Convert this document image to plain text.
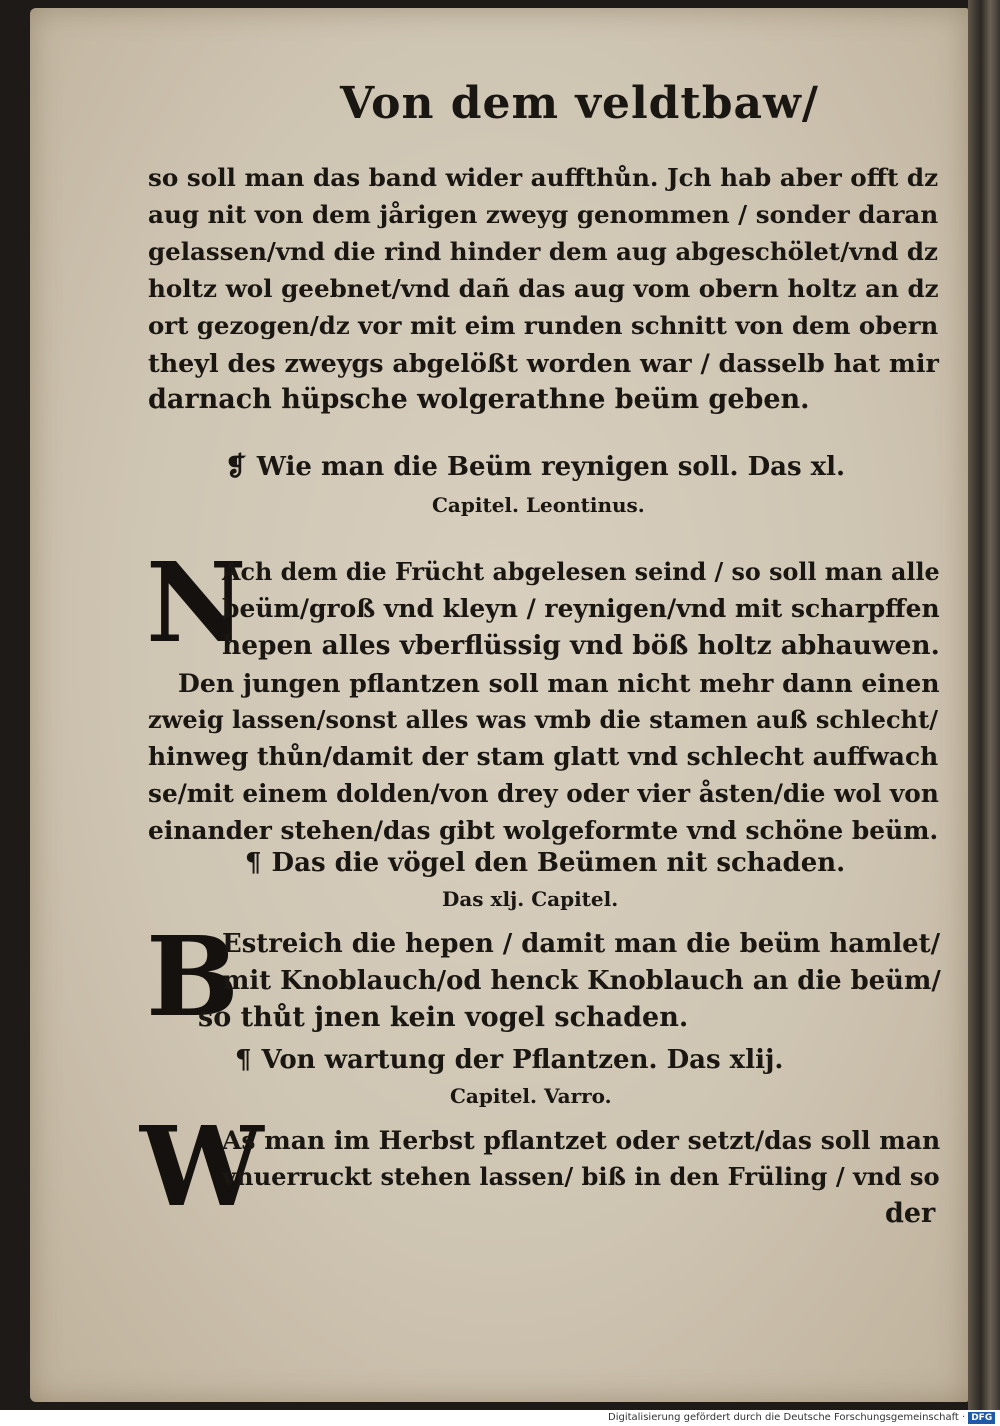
Von dem veldtbaw/
so soll man das band wider auffthůn. Jch hab aber offt dz
aug nit von dem jårigen zweyg genommen / sonder daran
gelassen/vnd die rind hinder dem aug abgeschölet/vnd dz
holtz wol geebnet/vnd dañ das aug vom obern holtz an dz
ort gezogen/dz vor mit eim runden schnitt von dem obern
theyl des zweygs abgelößt worden war / dasselb hat mir
darnach hüpsche wolgerathne beüm geben.
❡ Wie man die Beüm reynigen soll. Das xl.
Capitel. Leontinus.
N
Ach dem die Frücht abgelesen seind / so soll man alle
beüm/groß vnd kleyn / reynigen/vnd mit scharpffen
hepen alles vberflüssig vnd böß holtz abhauwen.
Den jungen pflantzen soll man nicht mehr dann einen
zweig lassen/sonst alles was vmb die stamen auß schlecht/
hinweg thůn/damit der stam glatt vnd schlecht auffwach
se/mit einem dolden/von drey oder vier åsten/die wol von
einander stehen/das gibt wolgeformte vnd schöne beüm.
¶ Das die vögel den Beümen nit schaden.
Das xlj. Capitel.
B
Estreich die hepen / damit man die beüm hamlet/
mit Knoblauch/od henck Knoblauch an die beüm/
so thůt jnen kein vogel schaden.
¶ Von wartung der Pflantzen. Das xlij.
Capitel. Varro.
W
As man im Herbst pflantzet oder setzt/das soll man
vnuerruckt stehen lassen/ biß in den Früling / vnd so
der
Digitalisierung gefördert durch die Deutsche Forschungsgemeinschaft · DFG
